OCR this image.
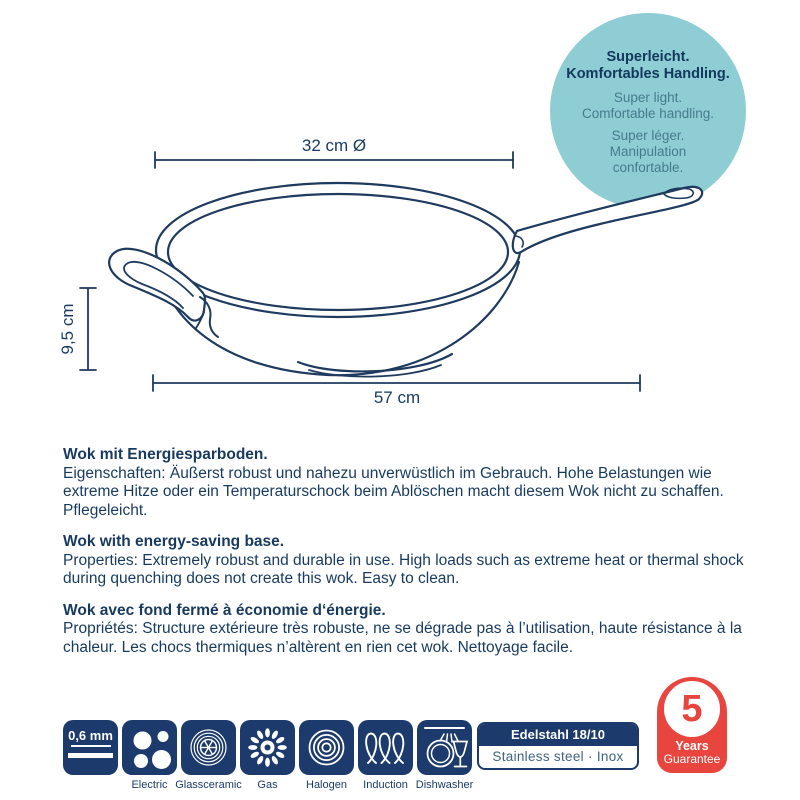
Superleicht.
Komfortables Handling.
Super light.
Comfortable handling.
Super léger.
Manipulation
confortable.
32 cm Ø
9,5 cm
57 cm
Wok mit Energiesparboden.

Eigenschaften: Äußerst robust und nahezu unverwüstlich im Gebrauch. Hohe Belastungen wie extreme Hitze oder ein Temperaturschock beim Ablöschen macht diesem Wok nicht zu schaffen. Pflegeleicht.

Wok with energy-saving base.

Properties: Extremely robust and durable in use. High loads such as extreme heat or thermal shock during quenching does not create this wok. Easy to clean.

Wok avec fond fermé à économie d‘énergie.

Propriétés: Structure extérieure très robuste, ne se dégrade pas à l’utilisation, haute résistance à la chaleur. Les chocs thermiques n’altèrent en rien cet wok. Nettoyage facile.

0,6 mm
Electric Glassceramic Gas	Halogen Induction Dishwasher
Edelstahl 18/10
Stainless steel · Inox
5
Years
Guarantee
